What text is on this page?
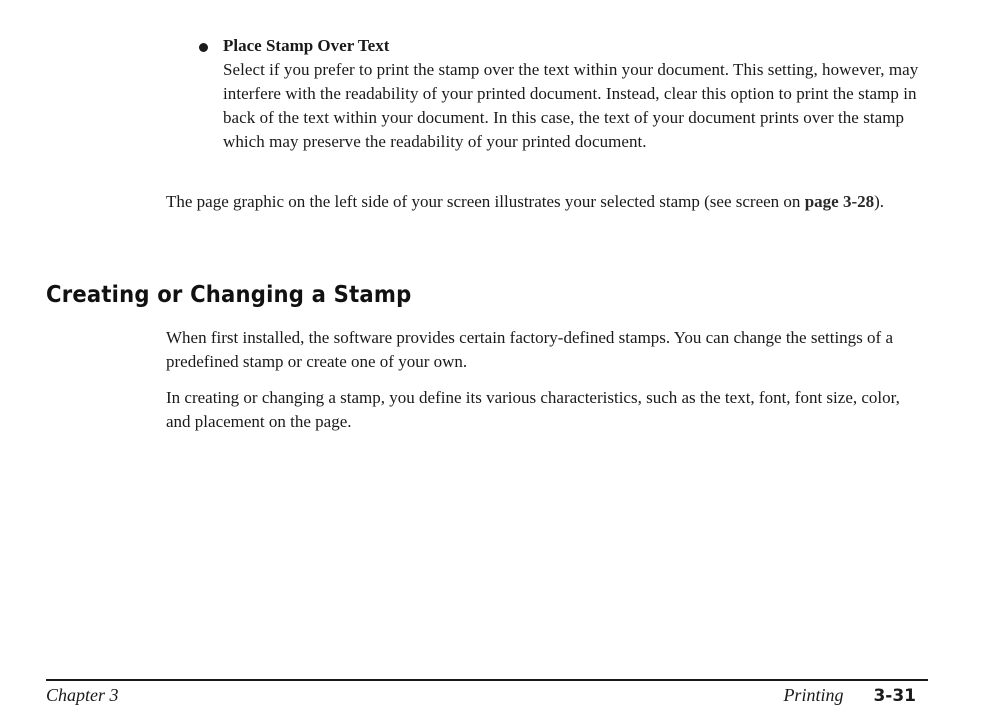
Place Stamp Over Text
Select if you prefer to print the stamp over the text within your document. This setting, however, may interfere with the readability of your printed document. Instead, clear this option to print the stamp in back of the text within your document. In this case, the text of your document prints over the stamp which may preserve the readability of your printed document.

The page graphic on the left side of your screen illustrates your selected stamp (see screen on page 3-28).

Creating or Changing a Stamp

When first installed, the software provides certain factory-defined stamps. You can change the settings of a predefined stamp or create one of your own.

In creating or changing a stamp, you define its various characteristics, such as the text, font, font size, color, and placement on the page.

Chapter 3	Printing 3-31
